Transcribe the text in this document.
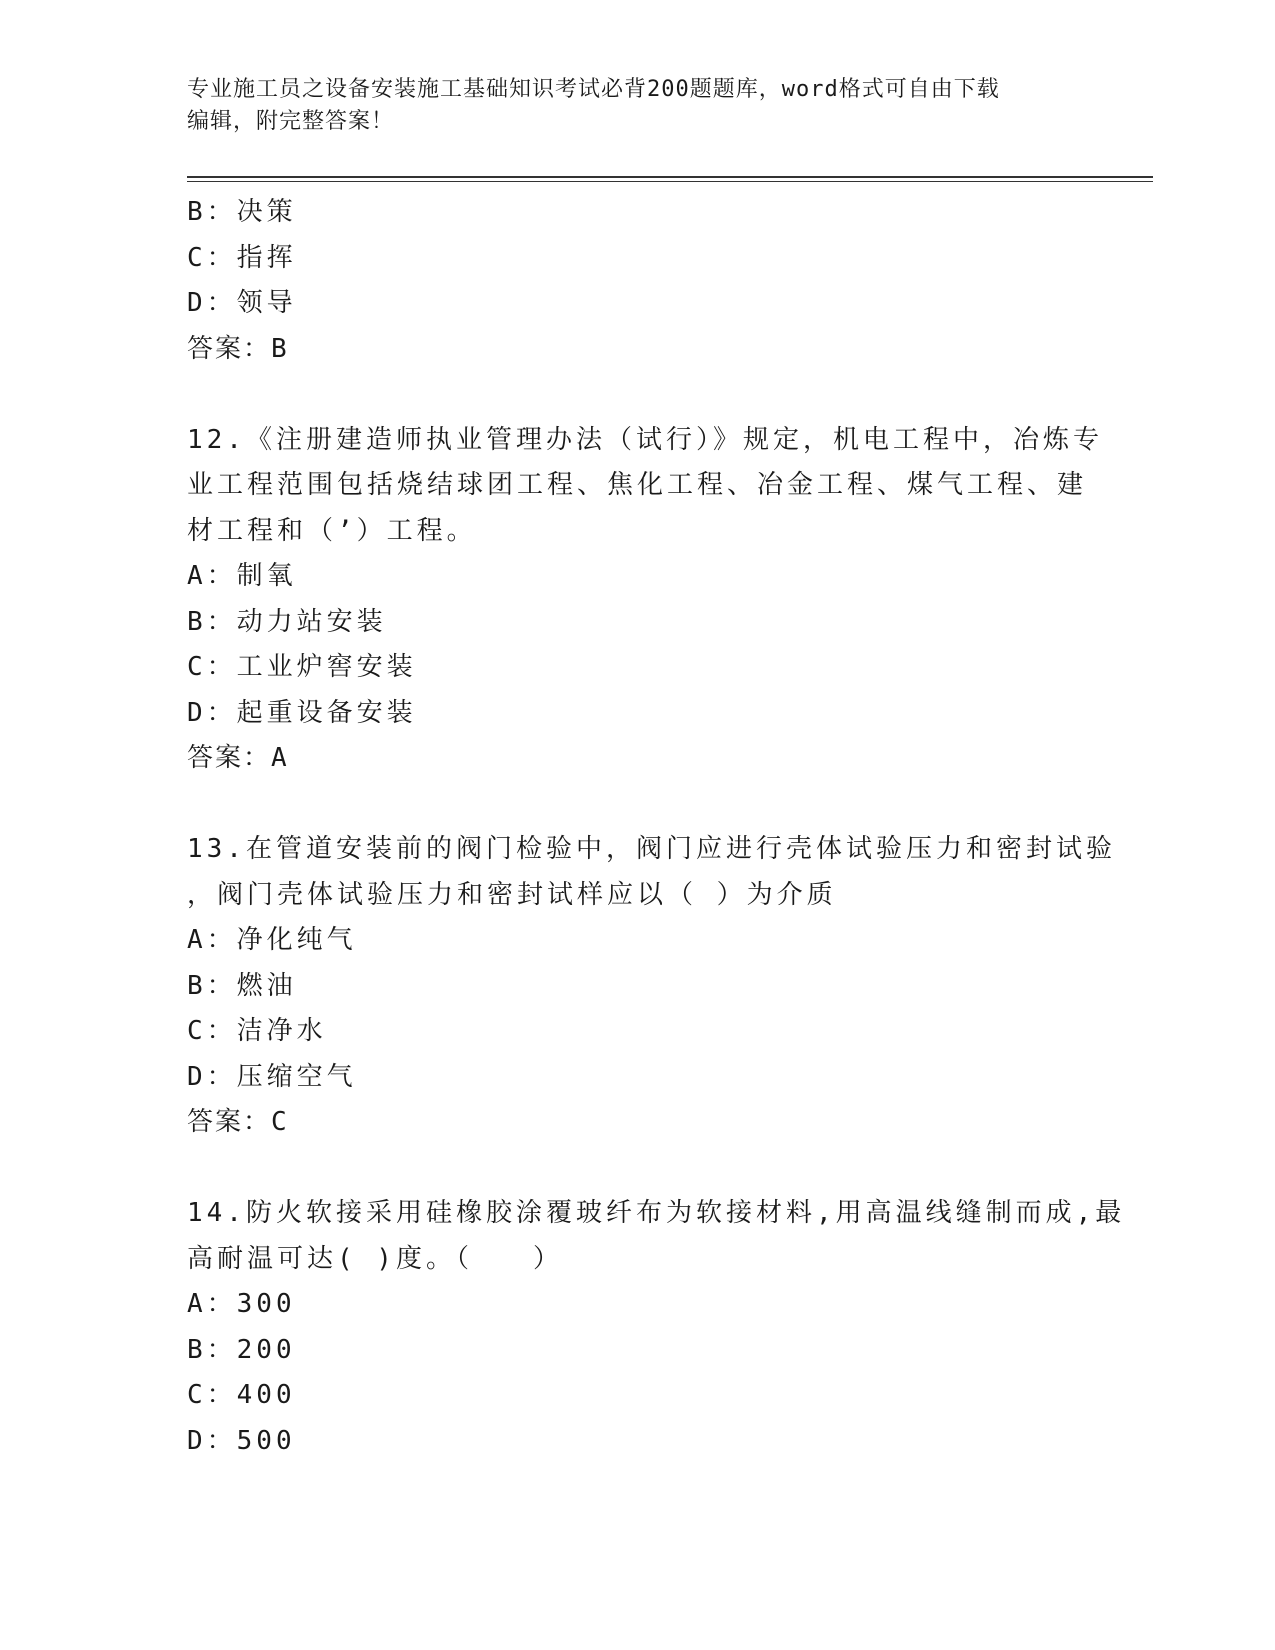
专业施工员之设备安装施工基础知识考试必背200题题库，word格式可自由下载
编辑，附完整答案！
B：决策
C：指挥
D：领导
答案：B
12.《注册建造师执业管理办法（试行）》规定，机电工程中，冶炼专
业工程范围包括烧结球团工程、焦化工程、冶金工程、煤气工程、建
材工程和（’）工程。
A：制氧
B：动力站安装
C：工业炉窖安装
D：起重设备安装
答案：A
13.在管道安装前的阀门检验中，阀门应进行壳体试验压力和密封试验
，阀门壳体试验压力和密封试样应以（ ）为介质
A：净化纯气
B：燃油
C：洁净水
D：压缩空气
答案：C
14.防火软接采用硅橡胶涂覆玻纤布为软接材料,用高温线缝制而成,最
高耐温可达( )度。（　　）
A：300
B：200
C：400
D：500
